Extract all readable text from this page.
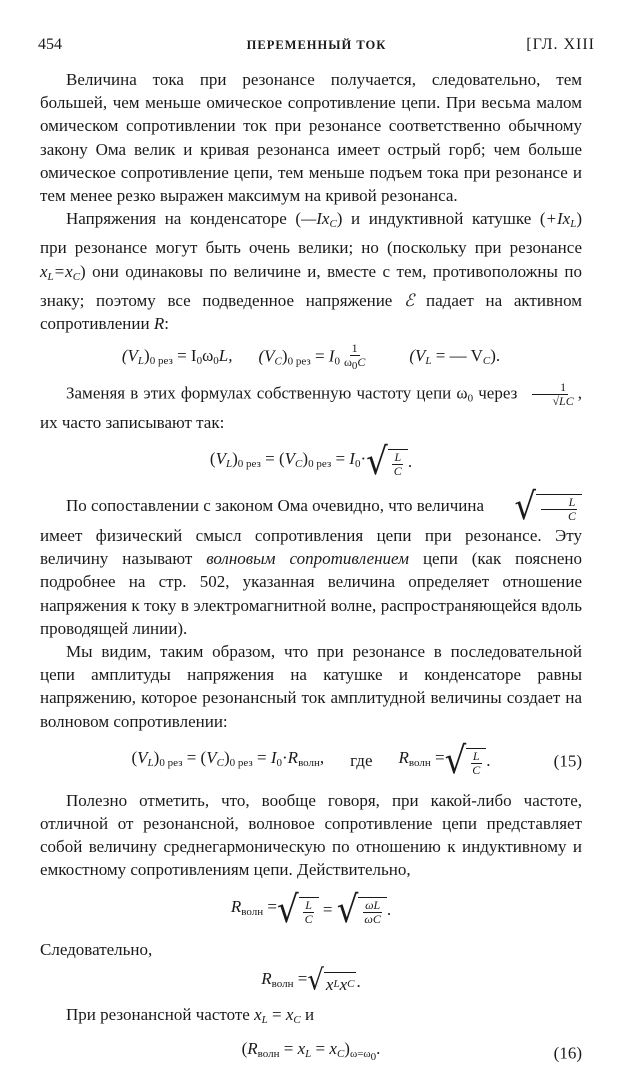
454	ПЕРЕМЕННЫЙ ТОК	[ГЛ. XIII

Величина тока при резонансе получается, следовательно, тем большей, чем меньше омическое сопротивление цепи. При весьма малом омическом сопротивлении ток при резонансе соответственно обычному закону Ома велик и кривая резонанса имеет острый горб; чем больше омическое сопротивление цепи, тем меньше подъем тока при резонансе и тем менее резко выражен максимум на кривой резонанса.

Напряжения на конденсаторе $(—Ix_C)$ и индуктивной катушке $(+Ix_L)$ при резонансе могут быть очень велики; но (поскольку при резонансе $x_L=x_C$) они одинаковы по величине и, вместе с тем, противоположны по знаку; поэтому все подведенное напряжение ℰ падает на активном сопротивлении R:

$(V_L)_{0 рез} = I_0\omega_0L$, $(V_C)_{0 рез} = I_0 \frac{1}{\omega_0C} (V_L$ = — $V_C$).

Заменяя в этих формулах собственную частоту цепи $\omega_0$ через $\frac{1}{√LC}$ , их часто записывают так:

$(V_L)_{0 рез} = (V_C)_{0 рез} = I_0\cdot$ √ $\frac{L}{C}$ .

По сопоставлении с законом Ома очевидно, что величина √ $\frac{L}{C}$
имеет физический смысл сопротивления цепи при резонансе. Эту величину называют волновым сопротивлением цепи (как пояснено подробнее на стр. 502, указанная величина определяет отношение напряжения к току в электромагнитной волне, распространяющейся вдоль проводящей линии).

Мы видим, таким образом, что при резонансе в последовательной цепи амплитуды напряжения на катушке и конденсаторе равны напряжению, которое резонансный ток амплитудной величины создает на волновом сопротивлении:

$(V_L)_{0 рез} = (V_C)_{0 рез} = I_0\cdot R_{волн}$, где $R_{волн}$ = √ $\frac{L}{C}$ .	(15)

Полезно отметить, что, вообще говоря, при какой-либо частоте, отличной от резонансной, волновое сопротивление цепи представляет собой величину среднегармоническую по отношению к индуктивному и емкостному сопротивлениям цепи. Действительно,

$R_{волн}$ = √ $\frac{L}{C}$ = √ $\frac{\omega L}{\omega C}$ .

Следовательно,

$R_{волн}$ = √ x L x C .

При резонансной частоте $x_L = x_C$ и

$(R_{волн} = x_L = x_C)_{\omega=\omega_0}$.	(16)
